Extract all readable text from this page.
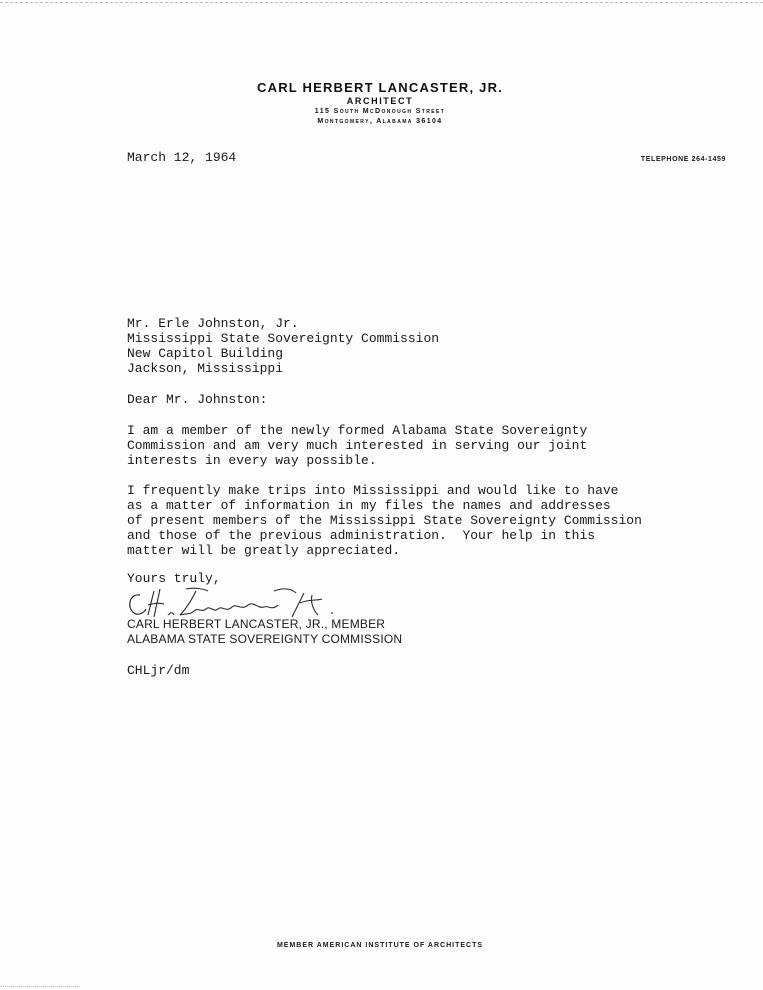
CARL HERBERT LANCASTER, JR.
ARCHITECT
115 South McDonough Street
Montgomery, Alabama 36104
March 12, 1964	TELEPHONE 264-1459
Mr. Erle Johnston, Jr.
Mississippi State Sovereignty Commission
New Capitol Building
Jackson, Mississippi
Dear Mr. Johnston:
I am a member of the newly formed Alabama State Sovereignty
Commission and am very much interested in serving our joint
interests in every way possible.
I frequently make trips into Mississippi and would like to have
as a matter of information in my files the names and addresses
of present members of the Mississippi State Sovereignty Commission
and those of the previous administration.  Your help in this
matter will be greatly appreciated.
Yours truly,
CARL HERBERT LANCASTER, JR., MEMBER
ALABAMA STATE SOVEREIGNTY COMMISSION
CHLjr/dm
MEMBER AMERICAN INSTITUTE OF ARCHITECTS
